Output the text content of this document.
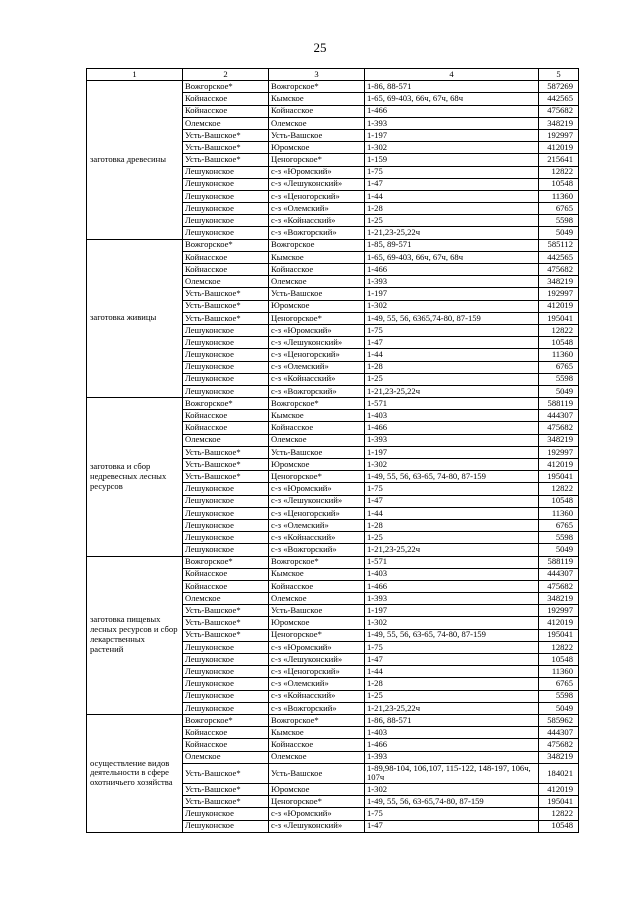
25
1	2	3	4	5
заготовка древесины	Вожгорское*	Вожгорское*	1-86, 88-571	587269
	Койнасское	Кымское	1-65, 69-403, 66ч, 67ч, 68ч	442565
	Койнасское	Койнасское	1-466	475682
	Олемское	Олемское	1-393	348219
	Усть-Вашское*	Усть-Вашское	1-197	192997
	Усть-Вашское*	Юромское	1-302	412019
	Усть-Вашское*	Ценогорское*	1-159	215641
	Лешуконское	с-з «Юромский»	1-75	12822
	Лешуконское	с-з «Лешуконский»	1-47	10548
	Лешуконское	с-з «Ценогорский»	1-44	11360
	Лешуконское	с-з «Олемский»	1-28	6765
	Лешуконское	с-з «Койнасский»	1-25	5598
	Лешуконское	с-з «Вожгорский»	1-21,23-25,22ч	5049
заготовка живицы	Вожгорское*	Вожгорское	1-85, 89-571	585112
	Койнасское	Кымское	1-65, 69-403, 66ч, 67ч, 68ч	442565
	Койнасское	Койнасское	1-466	475682
	Олемское	Олемское	1-393	348219
	Усть-Вашское*	Усть-Вашское	1-197	192997
	Усть-Вашское*	Юромское	1-302	412019
	Усть-Вашское*	Ценогорское*	1-49, 55, 56, 6365,74-80, 87-159	195041
	Лешуконское	с-з «Юромский»	1-75	12822
	Лешуконское	с-з «Лешуконский»	1-47	10548
	Лешуконское	с-з «Ценогорский»	1-44	11360
	Лешуконское	с-з «Олемский»	1-28	6765
	Лешуконское	с-з «Койнасский»	1-25	5598
	Лешуконское	с-з «Вожгорский»	1-21,23-25,22ч	5049
заготовка и сбор недревесных лесных ресурсов	Вожгорское*	Вожгорское*	1-571	588119
	Койнасское	Кымское	1-403	444307
	Койнасское	Койнасское	1-466	475682
	Олемское	Олемское	1-393	348219
	Усть-Вашское*	Усть-Вашское	1-197	192997
	Усть-Вашское*	Юромское	1-302	412019
	Усть-Вашское*	Ценогорское*	1-49, 55, 56, 63-65, 74-80, 87-159	195041
	Лешуконское	с-з «Юромский»	1-75	12822
	Лешуконское	с-з «Лешуконский»	1-47	10548
	Лешуконское	с-з «Ценогорский»	1-44	11360
	Лешуконское	с-з «Олемский»	1-28	6765
	Лешуконское	с-з «Койнасский»	1-25	5598
	Лешуконское	с-з «Вожгорский»	1-21,23-25,22ч	5049
заготовка пищевых лесных ресурсов и сбор лекарственных растений	Вожгорское*	Вожгорское*	1-571	588119
	Койнасское	Кымское	1-403	444307
	Койнасское	Койнасское	1-466	475682
	Олемское	Олемское	1-393	348219
	Усть-Вашское*	Усть-Вашское	1-197	192997
	Усть-Вашское*	Юромское	1-302	412019
	Усть-Вашское*	Ценогорское*	1-49, 55, 56, 63-65, 74-80, 87-159	195041
	Лешуконское	с-з «Юромский»	1-75	12822
	Лешуконское	с-з «Лешуконский»	1-47	10548
	Лешуконское	с-з «Ценогорский»	1-44	11360
	Лешуконское	с-з «Олемский»	1-28	6765
	Лешуконское	с-з «Койнасский»	1-25	5598
	Лешуконское	с-з «Вожгорский»	1-21,23-25,22ч	5049
осуществление видов деятельности в сфере охотничьего хозяйства	Вожгорское*	Вожгорское*	1-86, 88-571	585962
	Койнасское	Кымское	1-403	444307
	Койнасское	Койнасское	1-466	475682
	Олемское	Олемское	1-393	348219
	Усть-Вашское*	Усть-Вашское	1-89,98-104, 106,107, 115-122, 148-197, 106ч, 107ч	184021
	Усть-Вашское*	Юромское	1-302	412019
	Усть-Вашское*	Ценогорское*	1-49, 55, 56, 63-65,74-80, 87-159	195041
	Лешуконское	с-з «Юромский»	1-75	12822
	Лешуконское	с-з «Лешуконский»	1-47	10548
